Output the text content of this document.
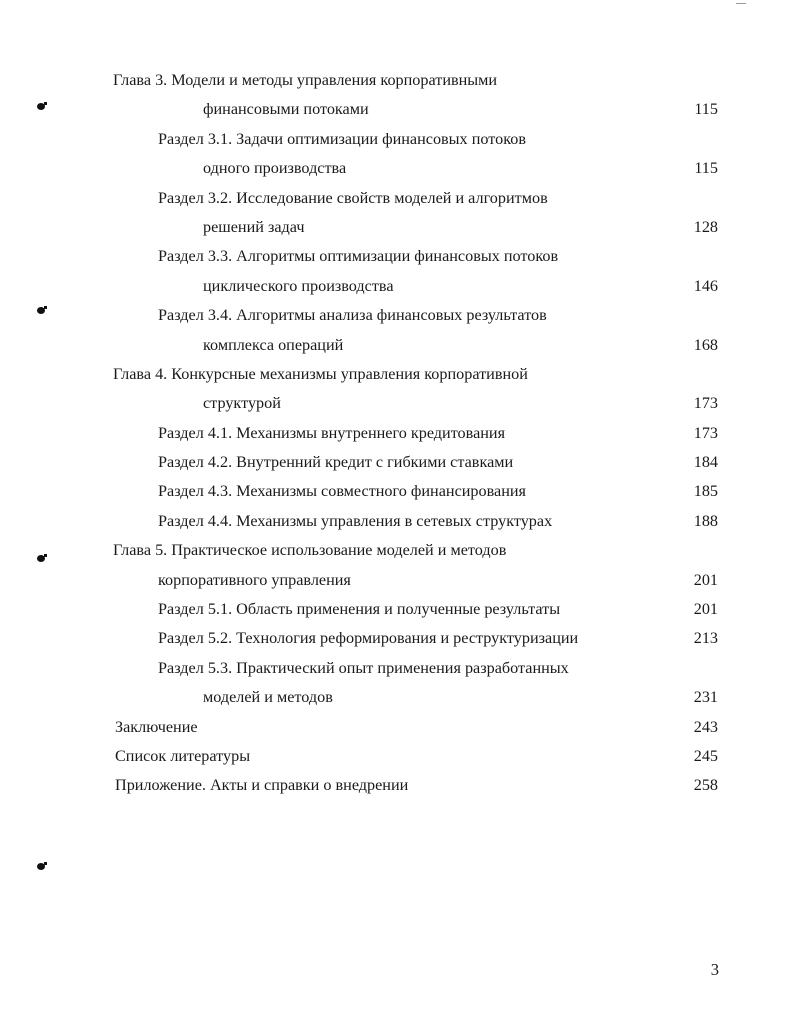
Глава 3. Модели и методы управления корпоративными
финансовыми потоками	115
Раздел 3.1. Задачи оптимизации финансовых потоков
одного производства	115
Раздел 3.2. Исследование свойств моделей и алгоритмов
решений задач	128
Раздел 3.3. Алгоритмы оптимизации финансовых потоков
циклического производства	146
Раздел 3.4. Алгоритмы анализа финансовых результатов
комплекса операций	168
Глава 4. Конкурсные механизмы управления корпоративной
структурой	173
Раздел 4.1. Механизмы внутреннего кредитования	173
Раздел 4.2. Внутренний кредит с гибкими ставками	184
Раздел 4.3. Механизмы совместного финансирования	185
Раздел 4.4. Механизмы управления в сетевых структурах	188
Глава 5. Практическое использование моделей и методов
корпоративного управления	201
Раздел 5.1. Область применения и полученные результаты	201
Раздел 5.2. Технология реформирования и реструктуризации	213
Раздел 5.3. Практический опыт применения разработанных
моделей и методов	231
Заключение	243
Список литературы	245
Приложение. Акты и справки о внедрении	258
3
